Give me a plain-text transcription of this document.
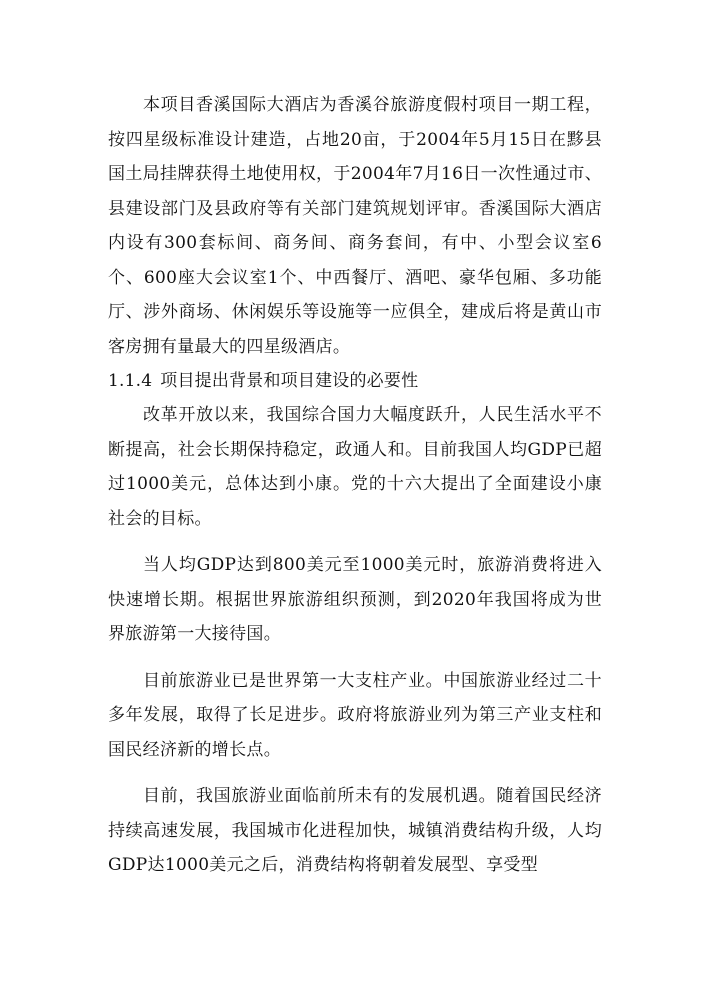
本项目香溪国际大酒店为香溪谷旅游度假村项目一期工程，按四星级标准设计建造，占地20亩，于2004年5月15日在黟县国土局挂牌获得土地使用权，于2004年7月16日一次性通过市、县建设部门及县政府等有关部门建筑规划评审。香溪国际大酒店内设有300套标间、商务间、商务套间，有中、小型会议室6个、600座大会议室1个、中西餐厅、酒吧、豪华包厢、多功能厅、涉外商场、休闲娱乐等设施等一应俱全，建成后将是黄山市客房拥有量最大的四星级酒店。

1.1.4 项目提出背景和项目建设的必要性

改革开放以来，我国综合国力大幅度跃升，人民生活水平不断提高，社会长期保持稳定，政通人和。目前我国人均GDP已超过1000美元，总体达到小康。党的十六大提出了全面建设小康社会的目标。

当人均GDP达到800美元至1000美元时，旅游消费将进入快速增长期。根据世界旅游组织预测，到2020年我国将成为世界旅游第一大接待国。

目前旅游业已是世界第一大支柱产业。中国旅游业经过二十多年发展，取得了长足进步。政府将旅游业列为第三产业支柱和国民经济新的增长点。

目前，我国旅游业面临前所未有的发展机遇。随着国民经济持续高速发展，我国城市化进程加快，城镇消费结构升级，人均GDP达1000美元之后，消费结构将朝着发展型、享受型
